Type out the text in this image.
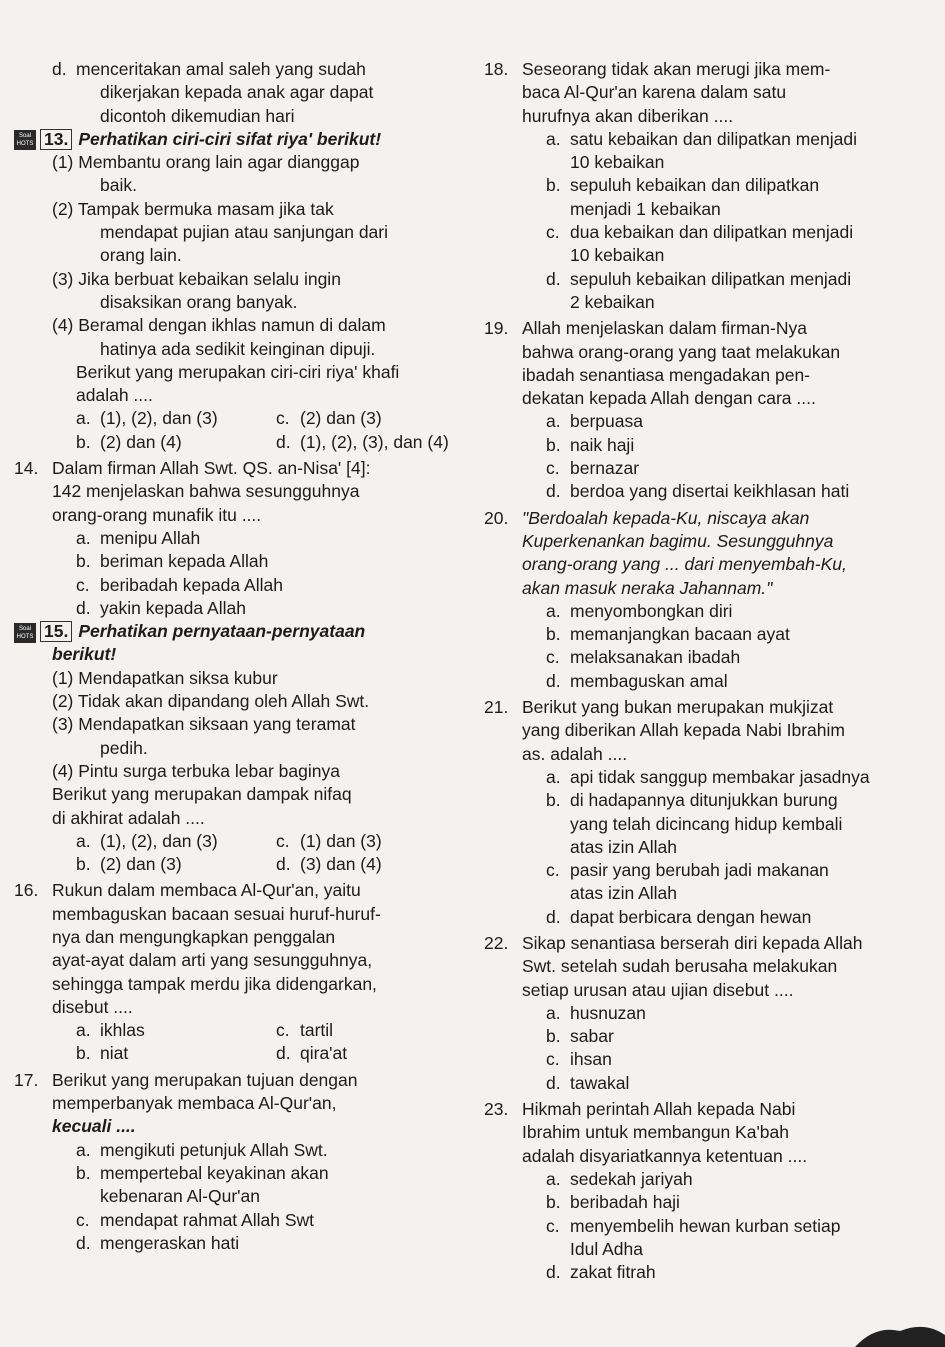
d. menceritakan amal saleh yang sudah
dikerjakan kepada anak agar dapat
dicontoh dikemudian hari
Soal
HOTS 13. Perhatikan ciri-ciri sifat riya' berikut!
(1) Membantu orang lain agar dianggap
baik.
(2) Tampak bermuka masam jika tak
mendapat pujian atau sanjungan dari
orang lain.
(3) Jika berbuat kebaikan selalu ingin
disaksikan orang banyak.
(4) Beramal dengan ikhlas namun di dalam
hatinya ada sedikit keinginan dipuji.
Berikut yang merupakan ciri-ciri riya' khafi
adalah ....
a. (1), (2), dan (3)	c. (2) dan (3)
b. (2) dan (4)	d. (1), (2), (3), dan (4)
14. Dalam firman Allah Swt. QS. an-Nisa' [4]:
142 menjelaskan bahwa sesungguhnya
orang-orang munafik itu ....
a. menipu Allah
b. beriman kepada Allah
c. beribadah kepada Allah
d. yakin kepada Allah
Soal
HOTS 15. Perhatikan pernyataan-pernyataan
berikut!
(1) Mendapatkan siksa kubur
(2) Tidak akan dipandang oleh Allah Swt.
(3) Mendapatkan siksaan yang teramat
pedih.
(4) Pintu surga terbuka lebar baginya
Berikut yang merupakan dampak nifaq
di akhirat adalah ....
a. (1), (2), dan (3)	c. (1) dan (3)
b. (2) dan (3)	d. (3) dan (4)
16. Rukun dalam membaca Al-Qur'an, yaitu
membaguskan bacaan sesuai huruf-huruf-
nya dan mengungkapkan penggalan
ayat-ayat dalam arti yang sesungguhnya,
sehingga tampak merdu jika didengarkan,
disebut ....
a. ikhlas	c. tartil
b. niat	d. qira'at
17. Berikut yang merupakan tujuan dengan
memperbanyak membaca Al-Qur'an,
kecuali ....
a. mengikuti petunjuk Allah Swt.
b. mempertebal keyakinan akan
kebenaran Al-Qur'an
c. mendapat rahmat Allah Swt
d. mengeraskan hati
18. Seseorang tidak akan merugi jika mem-
baca Al-Qur'an karena dalam satu
hurufnya akan diberikan ....
a. satu kebaikan dan dilipatkan menjadi
10 kebaikan
b. sepuluh kebaikan dan dilipatkan
menjadi 1 kebaikan
c. dua kebaikan dan dilipatkan menjadi
10 kebaikan
d. sepuluh kebaikan dilipatkan menjadi
2 kebaikan
19. Allah menjelaskan dalam firman-Nya
bahwa orang-orang yang taat melakukan
ibadah senantiasa mengadakan pen-
dekatan kepada Allah dengan cara ....
a. berpuasa
b. naik haji
c. bernazar
d. berdoa yang disertai keikhlasan hati
20. "Berdoalah kepada-Ku, niscaya akan
Kuperkenankan bagimu. Sesungguhnya
orang-orang yang ... dari menyembah-Ku,
akan masuk neraka Jahannam."
a. menyombongkan diri
b. memanjangkan bacaan ayat
c. melaksanakan ibadah
d. membaguskan amal
21. Berikut yang bukan merupakan mukjizat
yang diberikan Allah kepada Nabi Ibrahim
as. adalah ....
a. api tidak sanggup membakar jasadnya
b. di hadapannya ditunjukkan burung
yang telah dicincang hidup kembali
atas izin Allah
c. pasir yang berubah jadi makanan
atas izin Allah
d. dapat berbicara dengan hewan
22. Sikap senantiasa berserah diri kepada Allah
Swt. setelah sudah berusaha melakukan
setiap urusan atau ujian disebut ....
a. husnuzan
b. sabar
c. ihsan
d. tawakal
23. Hikmah perintah Allah kepada Nabi
Ibrahim untuk membangun Ka'bah
adalah disyariatkannya ketentuan ....
a. sedekah jariyah
b. beribadah haji
c. menyembelih hewan kurban setiap
Idul Adha
d. zakat fitrah
